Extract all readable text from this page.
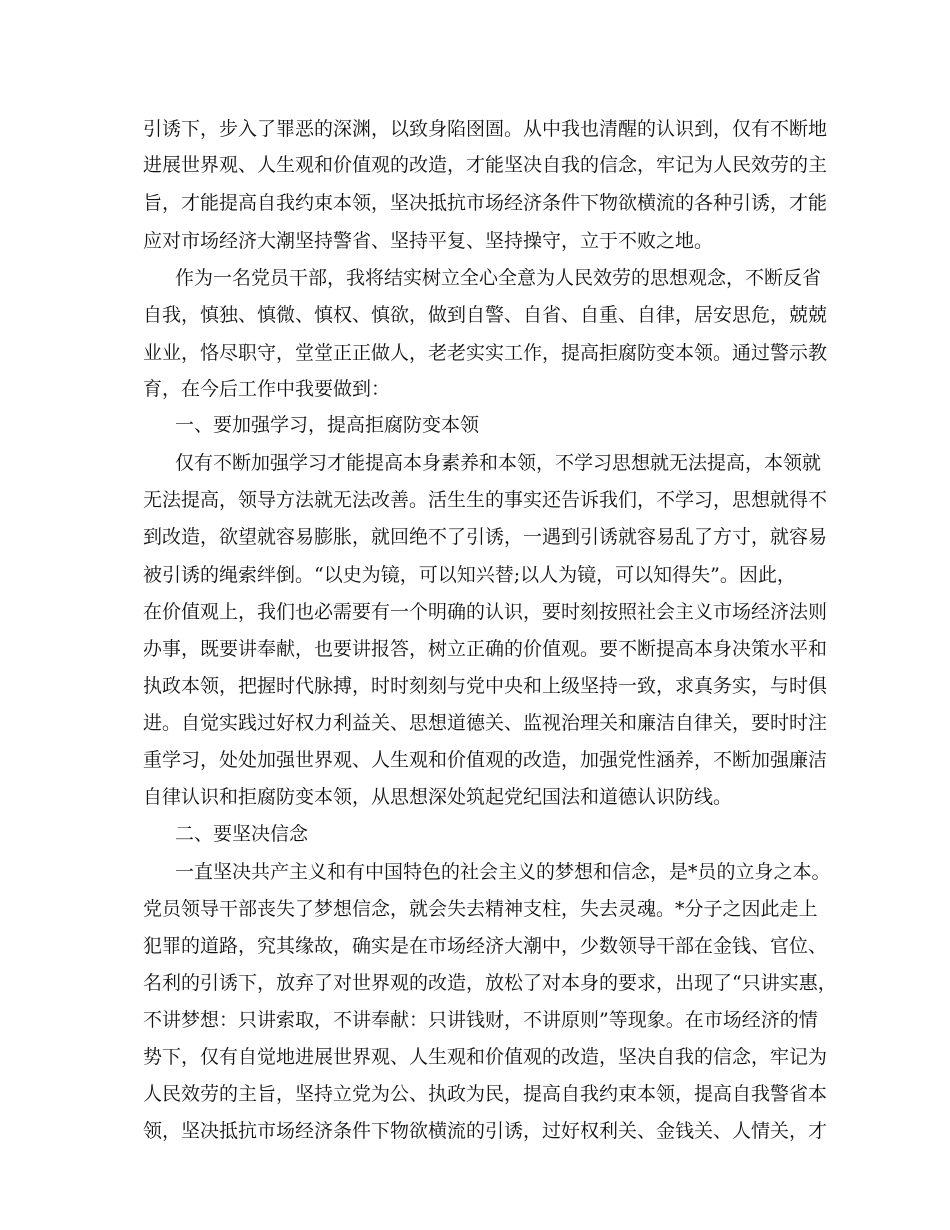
引诱下，步入了罪恶的深渊，以致身陷囹圄。从中我也清醒的认识到，仅有不断地
进展世界观、人生观和价值观的改造，才能坚决自我的信念，牢记为人民效劳的主
旨，才能提高自我约束本领，坚决抵抗市场经济条件下物欲横流的各种引诱，才能
应对市场经济大潮坚持警省、坚持平复、坚持操守，立于不败之地。
作为一名党员干部，我将结实树立全心全意为人民效劳的思想观念，不断反省
自我，慎独、慎微、慎权、慎欲，做到自警、自省、自重、自律，居安思危，兢兢
业业，恪尽职守，堂堂正正做人，老老实实工作，提高拒腐防变本领。通过警示教
育，在今后工作中我要做到：
一、要加强学习，提高拒腐防变本领
仅有不断加强学习才能提高本身素养和本领，不学习思想就无法提高，本领就
无法提高，领导方法就无法改善。活生生的事实还告诉我们，不学习，思想就得不
到改造，欲望就容易膨胀，就回绝不了引诱，一遇到引诱就容易乱了方寸，就容易
被引诱的绳索绊倒。“以史为镜，可以知兴替;以人为镜，可以知得失”。因此，
在价值观上，我们也必需要有一个明确的认识，要时刻按照社会主义市场经济法则
办事，既要讲奉献，也要讲报答，树立正确的价值观。要不断提高本身决策水平和
执政本领，把握时代脉搏，时时刻刻与党中央和上级坚持一致，求真务实，与时俱
进。自觉实践过好权力利益关、思想道德关、监视治理关和廉洁自律关，要时时注
重学习，处处加强世界观、人生观和价值观的改造，加强党性涵养，不断加强廉洁
自律认识和拒腐防变本领，从思想深处筑起党纪国法和道德认识防线。
二、要坚决信念
一直坚决共产主义和有中国特色的社会主义的梦想和信念，是*员的立身之本。
党员领导干部丧失了梦想信念，就会失去精神支柱，失去灵魂。*分子之因此走上
犯罪的道路，究其缘故，确实是在市场经济大潮中，少数领导干部在金钱、官位、
名利的引诱下，放弃了对世界观的改造，放松了对本身的要求，出现了“只讲实惠，
不讲梦想：只讲索取，不讲奉献：只讲钱财，不讲原则”等现象。在市场经济的情
势下，仅有自觉地进展世界观、人生观和价值观的改造，坚决自我的信念，牢记为
人民效劳的主旨，坚持立党为公、执政为民，提高自我约束本领，提高自我警省本
领，坚决抵抗市场经济条件下物欲横流的引诱，过好权利关、金钱关、人情关，才
